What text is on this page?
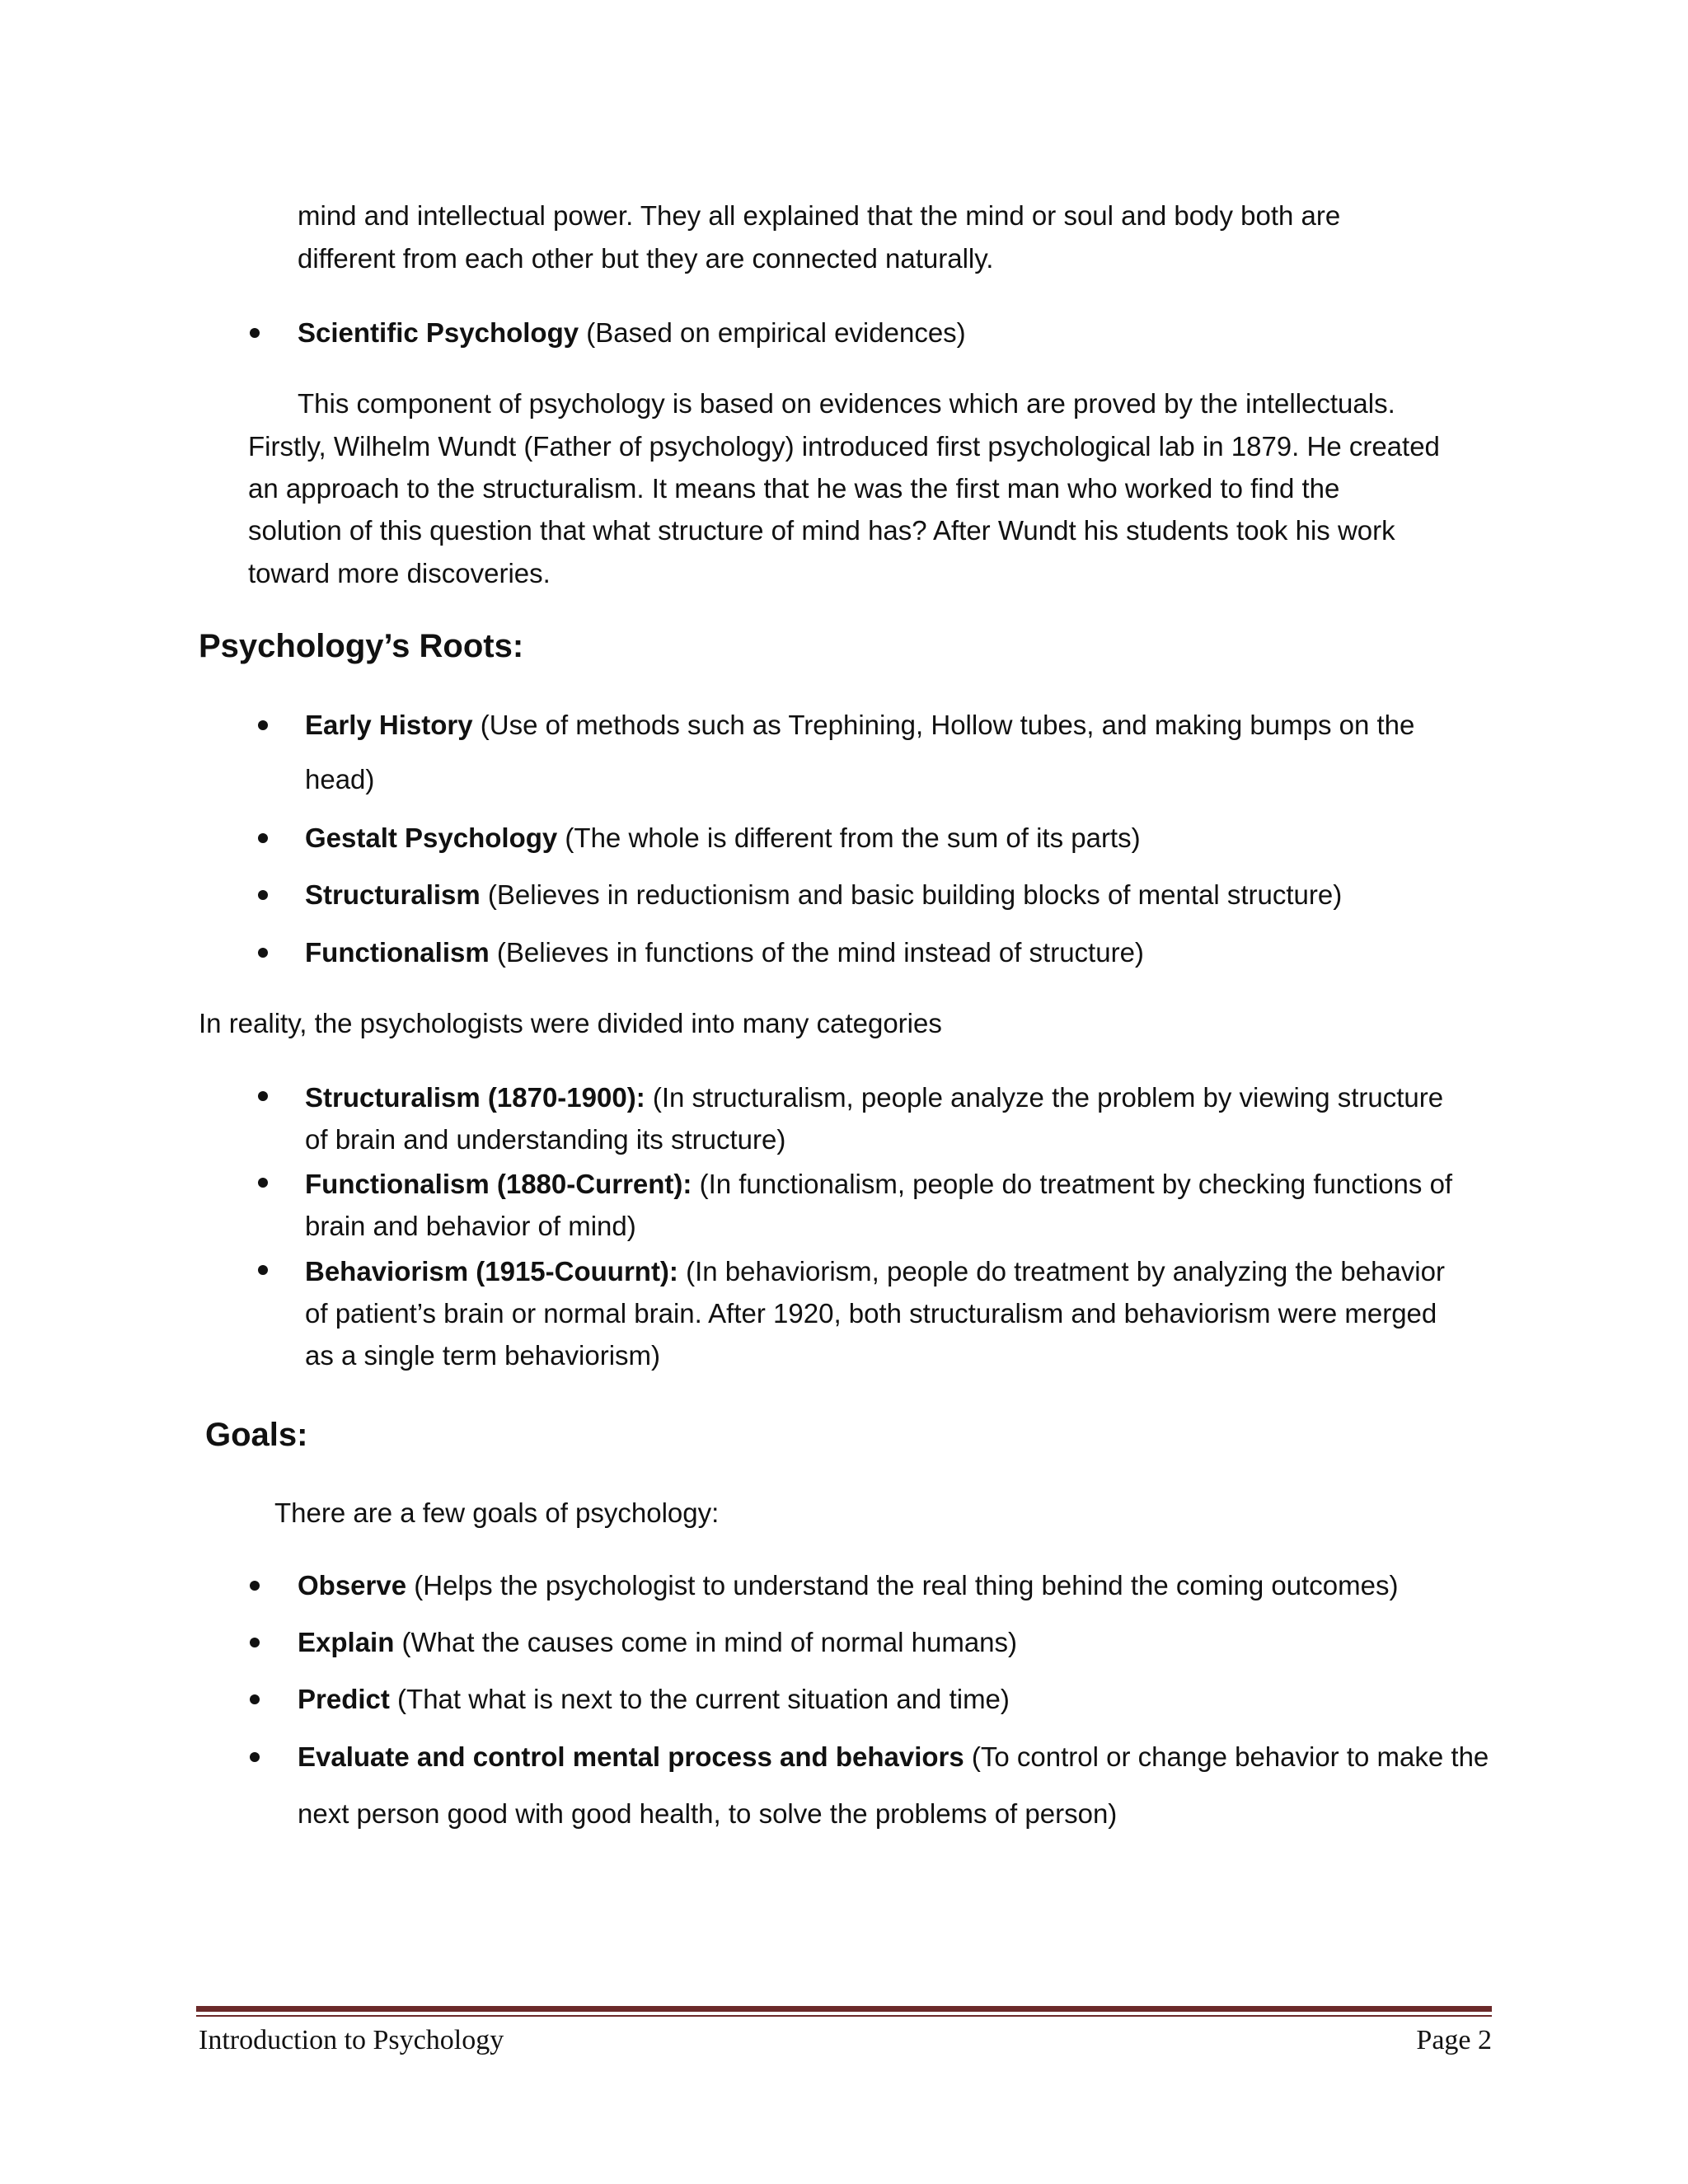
mind and intellectual power. They all explained that the mind or soul and body both are

different from each other but they are connected naturally.

Scientific Psychology (Based on empirical evidences)

This component of psychology is based on evidences which are proved by the intellectuals.

Firstly, Wilhelm Wundt (Father of psychology) introduced first psychological lab in 1879. He created

an approach to the structuralism. It means that he was the first man who worked to find the

solution of this question that what structure of mind has? After Wundt his students took his work

toward more discoveries.

Psychology’s Roots:

Early History (Use of methods such as Trephining, Hollow tubes, and making bumps on the

head)

Gestalt Psychology (The whole is different from the sum of its parts)

Structuralism (Believes in reductionism and basic building blocks of mental structure)

Functionalism (Believes in functions of the mind instead of structure)

In reality, the psychologists were divided into many categories

Structuralism (1870-1900): (In structuralism, people analyze the problem by viewing structure

of brain and understanding its structure)

Functionalism (1880-Current): (In functionalism, people do treatment by checking functions of

brain and behavior of mind)

Behaviorism (1915-Couurnt): (In behaviorism, people do treatment by analyzing the behavior

of patient’s brain or normal brain. After 1920, both structuralism and behaviorism were merged

as a single term behaviorism)

Goals:

There are a few goals of psychology:

Observe (Helps the psychologist to understand the real thing behind the coming outcomes)

Explain (What the causes come in mind of normal humans)

Predict (That what is next to the current situation and time)

Evaluate and control mental process and behaviors (To control or change behavior to make the

next person good with good health, to solve the problems of person)

Introduction to Psychology	Page 2
